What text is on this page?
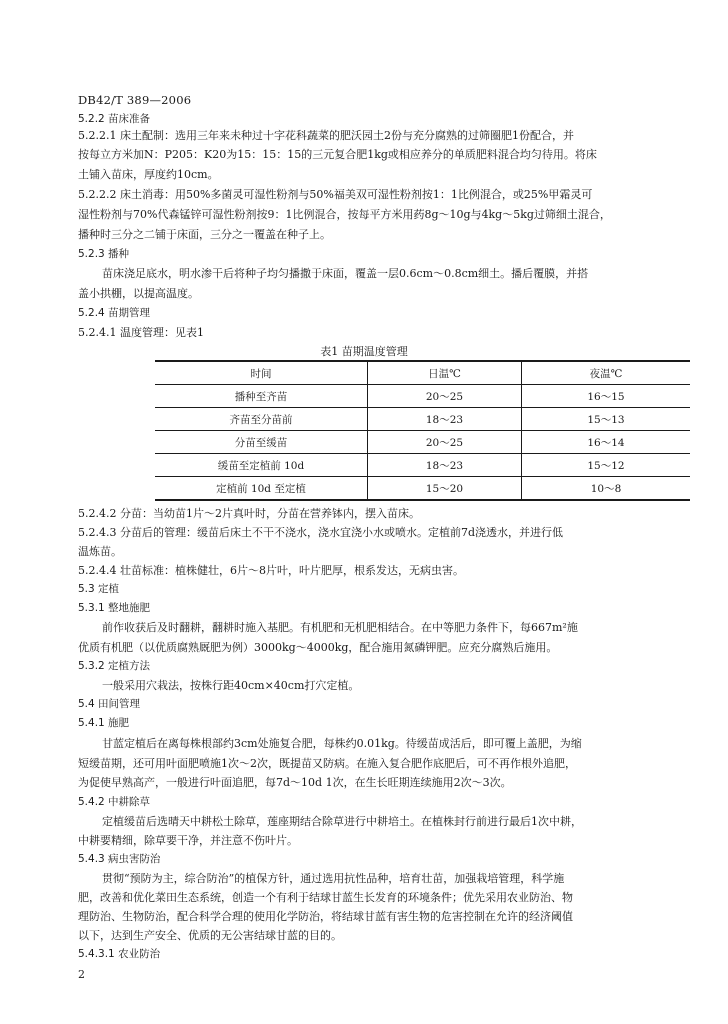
DB42/T 389—2006
5.2.2 苗床准备
5.2.2.1 床土配制：选用三年来未种过十字花科蔬菜的肥沃园土2份与充分腐熟的过筛圈肥1份配合，并
按每立方米加N：P205：K20为15：15：15的三元复合肥1kg或相应养分的单质肥料混合均匀待用。将床
土铺入苗床，厚度约10cm。
5.2.2.2 床土消毒：用50%多菌灵可湿性粉剂与50%福美双可湿性粉剂按1：1比例混合，或25%甲霜灵可
湿性粉剂与70%代森锰锌可湿性粉剂按9：1比例混合，按每平方米用药8g～10g与4kg～5kg过筛细土混合，
播种时三分之二铺于床面，三分之一覆盖在种子上。
5.2.3 播种
苗床浇足底水，明水渗干后将种子均匀播撒于床面，覆盖一层0.6cm～0.8cm细土。播后覆膜，并搭
盖小拱棚，以提高温度。
5.2.4 苗期管理
5.2.4.1 温度管理：见表1
表1 苗期温度管理
时间	日温℃	夜温℃
播种至齐苗	20～25	16～15
齐苗至分苗前	18～23	15～13
分苗至缓苗	20～25	16～14
缓苗至定植前 10d	18～23	15～12
定植前 10d 至定植	15～20	10～8
5.2.4.2 分苗：当幼苗1片～2片真叶时，分苗在营养钵内，摆入苗床。
5.2.4.3 分苗后的管理：缓苗后床土不干不浇水，浇水宜浇小水或喷水。定植前7d浇透水，并进行低
温炼苗。
5.2.4.4 壮苗标准：植株健壮，6片～8片叶，叶片肥厚，根系发达，无病虫害。
5.3 定植
5.3.1 整地施肥
前作收获后及时翻耕，翻耕时施入基肥。有机肥和无机肥相结合。在中等肥力条件下，每667m²施
优质有机肥（以优质腐熟厩肥为例）3000kg～4000kg，配合施用氮磷钾肥。应充分腐熟后施用。
5.3.2 定植方法
一般采用穴栽法，按株行距40cm×40cm打穴定植。
5.4 田间管理
5.4.1 施肥
甘蓝定植后在离每株根部约3cm处施复合肥，每株约0.01kg。待缓苗成活后，即可覆上盖肥，为缩
短缓苗期，还可用叶面肥喷施1次～2次，既提苗又防病。在施入复合肥作底肥后，可不再作根外追肥，
为促使早熟高产，一般进行叶面追肥，每7d～10d 1次，在生长旺期连续施用2次～3次。
5.4.2 中耕除草
定植缓苗后选晴天中耕松土除草，莲座期结合除草进行中耕培土。在植株封行前进行最后1次中耕，
中耕要精细，除草要干净，并注意不伤叶片。
5.4.3 病虫害防治
贯彻“预防为主，综合防治”的植保方针，通过选用抗性品种，培育壮苗，加强栽培管理，科学施
肥，改善和优化菜田生态系统，创造一个有利于结球甘蓝生长发育的环境条件；优先采用农业防治、物
理防治、生物防治，配合科学合理的使用化学防治，将结球甘蓝有害生物的危害控制在允许的经济阈值
以下，达到生产安全、优质的无公害结球甘蓝的目的。
5.4.3.1 农业防治
2
